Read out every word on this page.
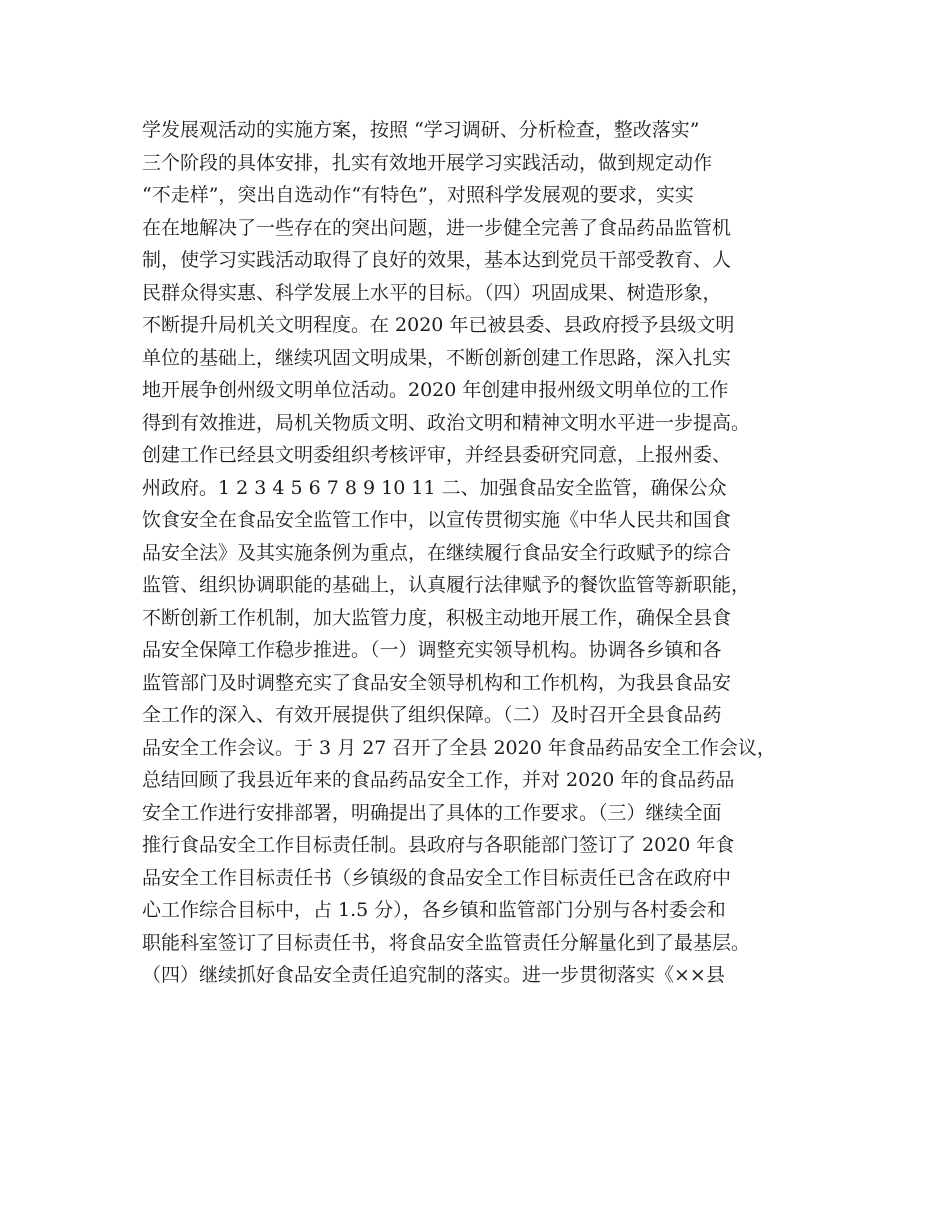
学发展观活动的实施方案，按照 “学习调研、分析检查，整改落实”
三个阶段的具体安排，扎实有效地开展学习实践活动，做到规定动作
“不走样”，突出自选动作“有特色”，对照科学发展观的要求，实实
在在地解决了一些存在的突出问题，进一步健全完善了食品药品监管机
制，使学习实践活动取得了良好的效果，基本达到党员干部受教育、人
民群众得实惠、科学发展上水平的目标。（四）巩固成果、树造形象，
不断提升局机关文明程度。在 2020 年已被县委、县政府授予县级文明
单位的基础上，继续巩固文明成果，不断创新创建工作思路，深入扎实
地开展争创州级文明单位活动。2020 年创建申报州级文明单位的工作
得到有效推进，局机关物质文明、政治文明和精神文明水平进一步提高。
创建工作已经县文明委组织考核评审，并经县委研究同意，上报州委、
州政府。1 2 3 4 5 6 7 8 9 10 11 二、加强食品安全监管，确保公众
饮食安全在食品安全监管工作中，以宣传贯彻实施《中华人民共和国食
品安全法》及其实施条例为重点，在继续履行食品安全行政赋予的综合
监管、组织协调职能的基础上，认真履行法律赋予的餐饮监管等新职能，
不断创新工作机制，加大监管力度，积极主动地开展工作，确保全县食
品安全保障工作稳步推进。（一）调整充实领导机构。协调各乡镇和各
监管部门及时调整充实了食品安全领导机构和工作机构，为我县食品安
全工作的深入、有效开展提供了组织保障。（二）及时召开全县食品药
品安全工作会议。于 3 月 27 召开了全县 2020 年食品药品安全工作会议，
总结回顾了我县近年来的食品药品安全工作，并对 2020 年的食品药品
安全工作进行安排部署，明确提出了具体的工作要求。（三）继续全面
推行食品安全工作目标责任制。县政府与各职能部门签订了 2020 年食
品安全工作目标责任书（乡镇级的食品安全工作目标责任已含在政府中
心工作综合目标中，占 1.5 分），各乡镇和监管部门分别与各村委会和
职能科室签订了目标责任书，将食品安全监管责任分解量化到了最基层。
（四）继续抓好食品安全责任追究制的落实。进一步贯彻落实《××县
